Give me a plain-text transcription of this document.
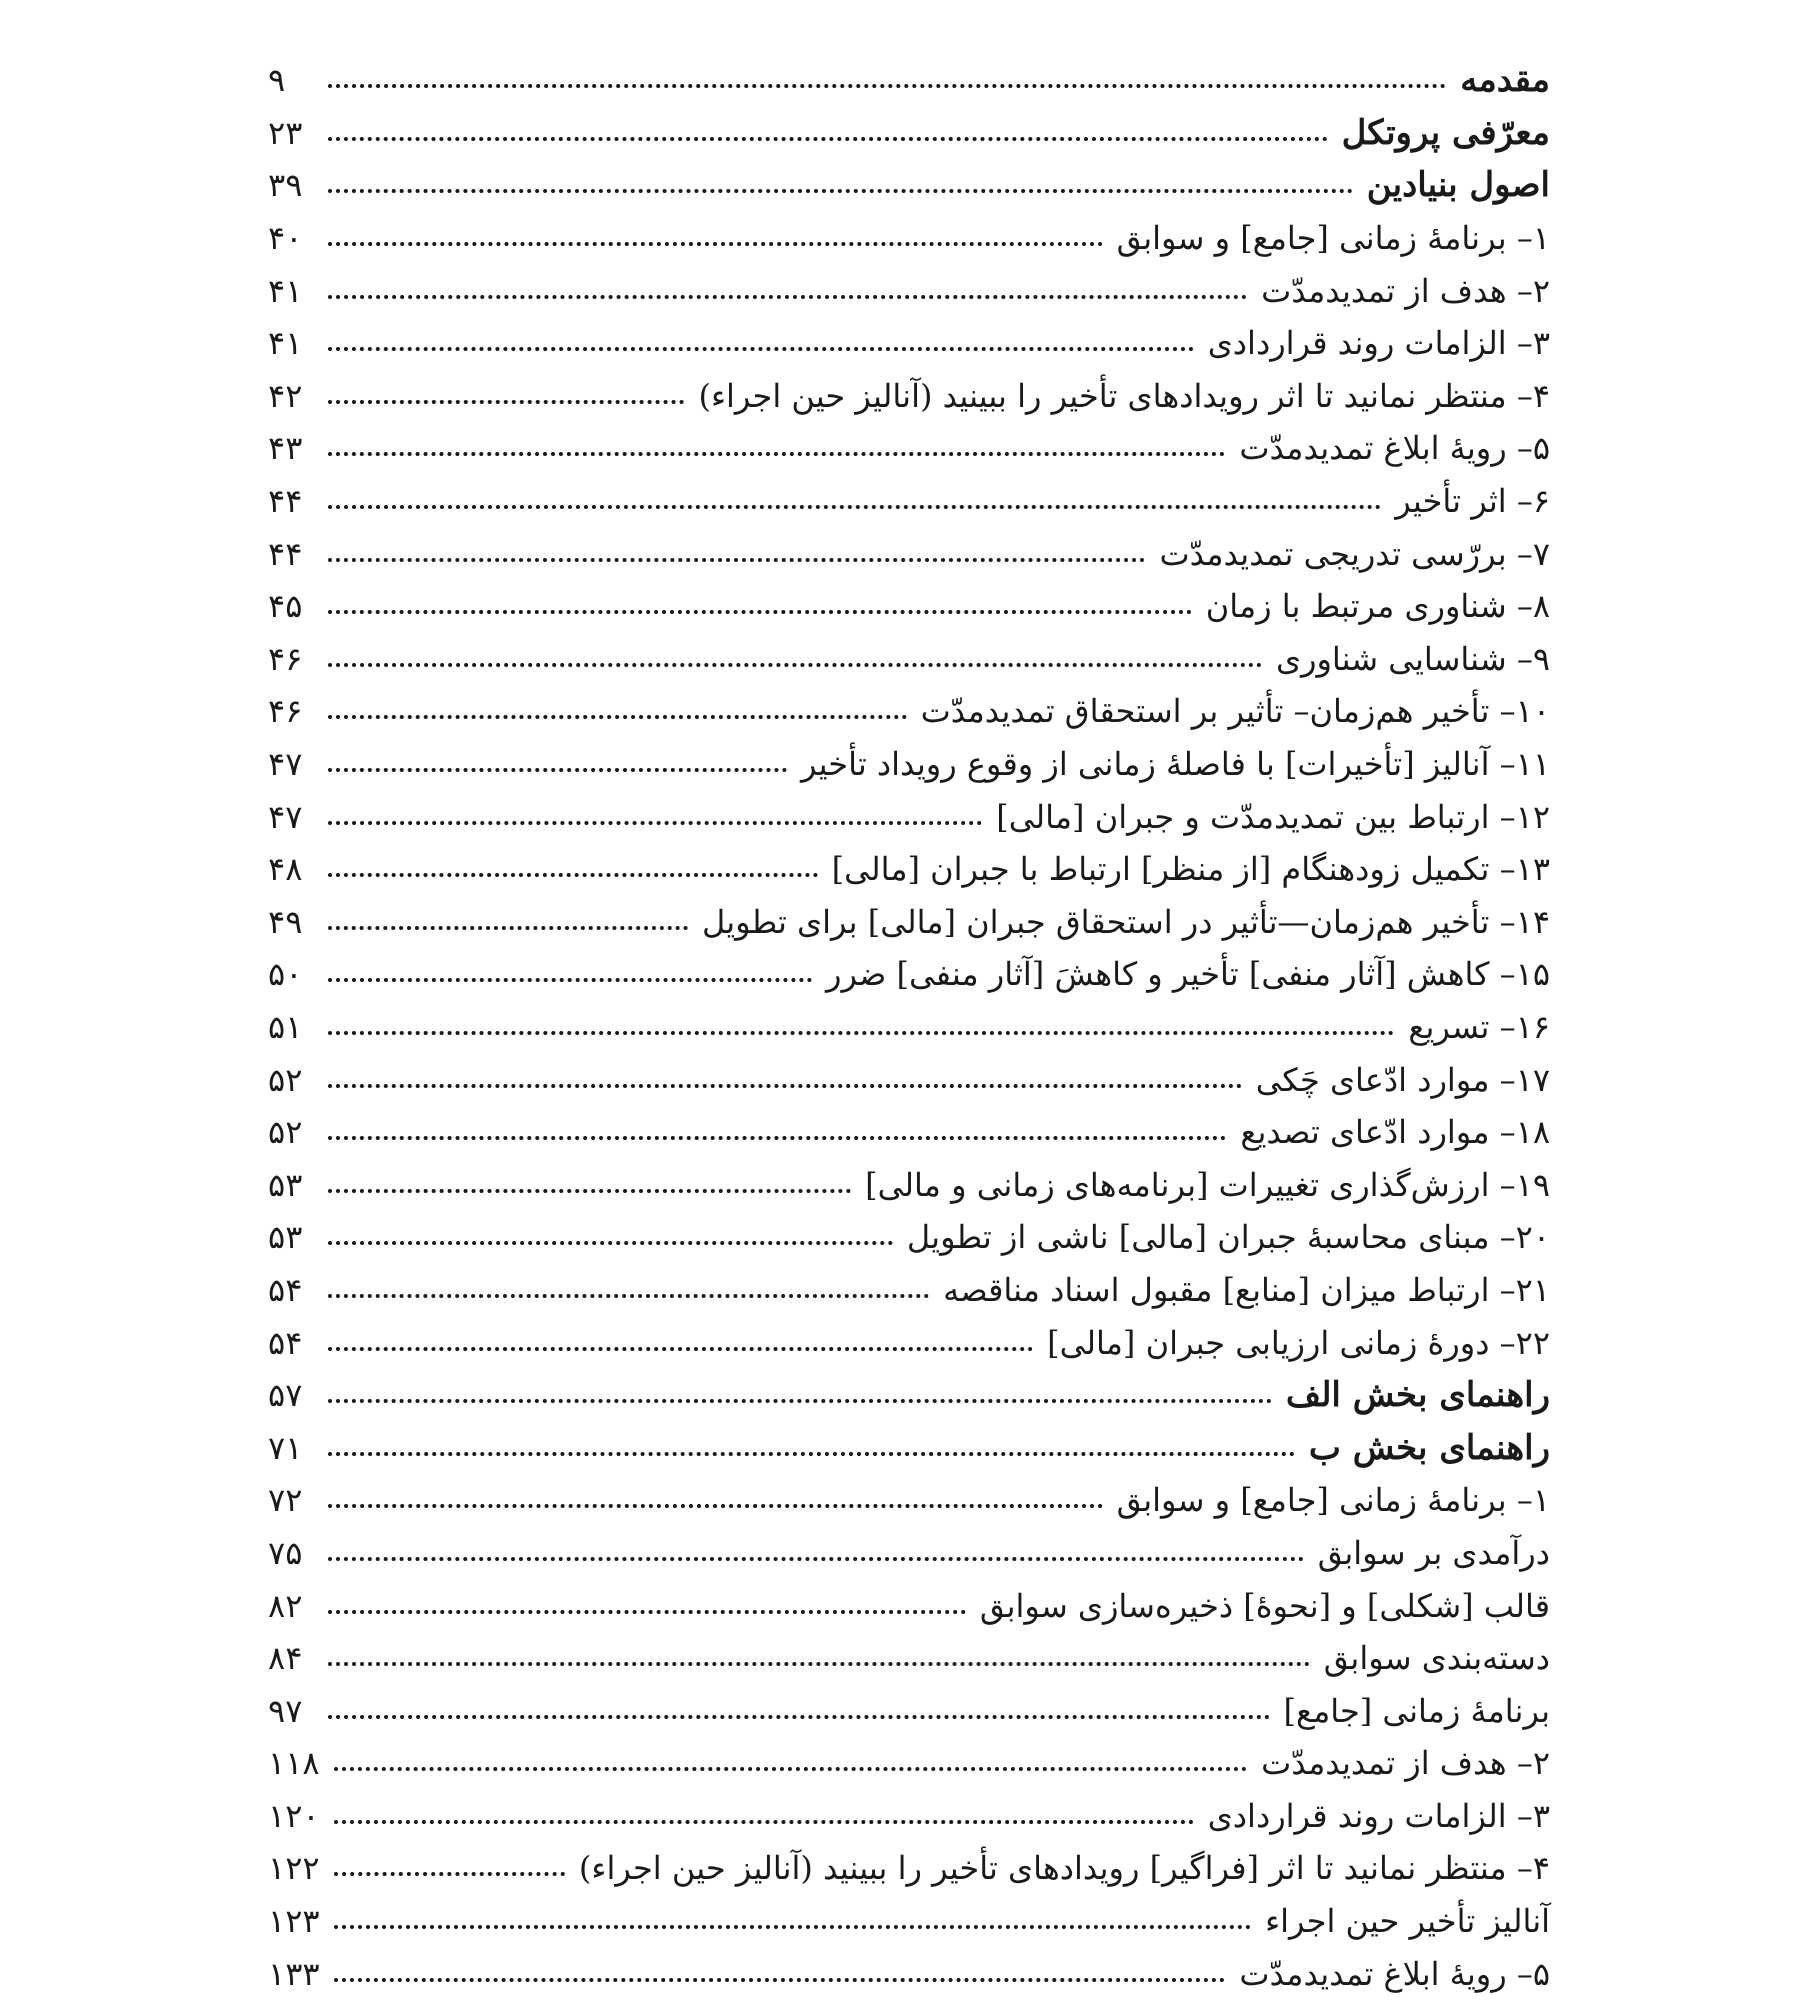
مقدمه
۹
معرّفی پروتکل
۲۳
اصول بنیادین
۳۹
۱– برنامهٔ زمانی [جامع] و سوابق
۴۰
۲– هدف از تمدیدمدّت
۴۱
۳– الزامات روند قراردادی
۴۱
۴– منتظر نمانید تا اثر رویدادهای تأخیر را ببینید (آنالیز حین اجراء)
۴۲
۵– رویهٔ ابلاغ تمدیدمدّت
۴۳
۶– اثر تأخیر
۴۴
۷– بررّسی تدریجی تمدیدمدّت
۴۴
۸– شناوری مرتبط با زمان
۴۵
۹– شناسایی شناوری
۴۶
۱۰– تأخیر هم‌زمان– تأثیر بر استحقاق تمدیدمدّت
۴۶
۱۱– آنالیز [تأخیرات] با فاصلهٔ زمانی از وقوع رویداد تأخیر
۴۷
۱۲– ارتباط بین تمدیدمدّت و جبران [مالی]
۴۷
۱۳– تکمیل زودهنگام [از منظر] ارتباط با جبران [مالی]
۴۸
۱۴– تأخیر هم‌زمان—تأثیر در استحقاق جبران [مالی] برای تطویل
۴۹
۱۵– کاهش [آثار منفی] تأخیر و کاهشَ [آثار منفی] ضرر
۵۰
۱۶– تسریع
۵۱
۱۷– موارد ادّعای چَکی
۵۲
۱۸– موارد ادّعای تصدیع
۵۲
۱۹– ارزش‌گذاری تغییرات [برنامه‌های زمانی و مالی]
۵۳
۲۰– مبنای محاسبهٔ جبران [مالی] ناشی از تطویل
۵۳
۲۱– ارتباط میزان [منابع] مقبول اسناد مناقصه
۵۴
۲۲– دورهٔ زمانی ارزیابی جبران [مالی]
۵۴
راهنمای بخش الف
۵۷
راهنمای بخش ب
۷۱
۱– برنامهٔ زمانی [جامع] و سوابق
۷۲
درآمدی بر سوابق
۷۵
قالب [شکلی] و [نحوهٔ] ذخیره‌سازی سوابق
۸۲
دسته‌بندی سوابق
۸۴
برنامهٔ زمانی [جامع]
۹۷
۲– هدف از تمدیدمدّت
۱۱۸
۳– الزامات روند قراردادی
۱۲۰
۴– منتظر نمانید تا اثر [فراگیر] رویدادهای تأخیر را ببینید (آنالیز حین اجراء)
۱۲۲
آنالیز تأخیر حین اجراء
۱۲۳
۵– رویهٔ ابلاغ تمدیدمدّت
۱۳۳
